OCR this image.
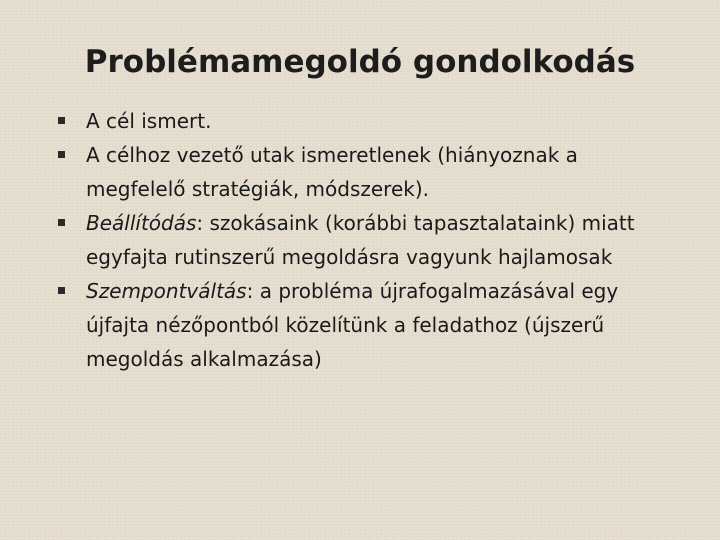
Problémamegoldó gondolkodás
A cél ismert.
A célhoz vezető utak ismeretlenek (hiányoznak a megfelelő stratégiák, módszerek).
Beállítódás: szokásaink (korábbi tapasztalataink) miatt egyfajta rutinszerű megoldásra vagyunk hajlamosak
Szempontváltás: a probléma újrafogalmazásával egy újfajta nézőpontból közelítünk a feladathoz (újszerű megoldás alkalmazása)
